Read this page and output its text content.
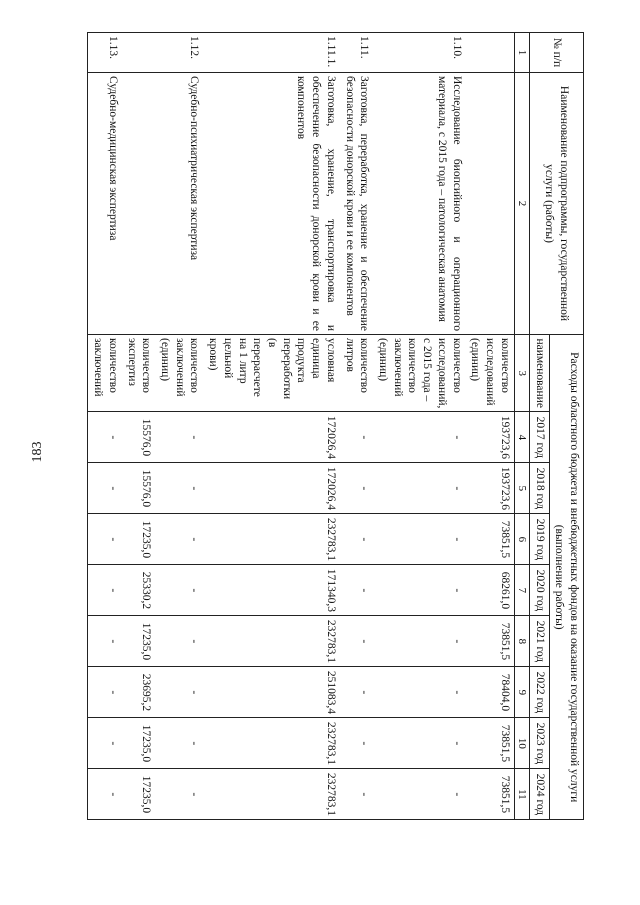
183
№ п/п	Наименование подпрограммы, государственной услуги (работы)	Расходы областного бюджета и внебюджетных фондов на оказание государственной услуги (выполнение работы)								
		наименование	2017 год	2018 год	2019 год	2020 год	2021 год	2022 год	2023 год	2024 год
1	2	3	4	5	6	7	8	9	10	11
		количество исследований (единиц)	193723,6	193723,6	73851,5	68261,0	73851,5	78404,0	73851,5	73851,5
1.10.	Исследование биопсийного и операционного материала, с 2015 года – патологическая анатомия	количество исследований, с 2015 года – количество заключений (единиц)	-	-	-	-	-	-	-	-
1.11.	Заготовка, переработка, хранение и обеспечение безопасности донорской крови и ее компонентов	количество литров	-	-	-	-	-	-	-	-
1.11.1.	Заготовка, хранение, транспортировка и обеспечение безопасности донорской крови и ее компонентов	условная единица продукта переработки (в перерасчете на 1 литр цельной крови)	172026,4	172026,4	232783,1	171340,3	232783,1	251083,4	232783,1	232783,1
1.12.	Судебно-психиатрическая экспертиза	количество заключений (единиц)	-	-	-	-	-	-	-	-
		количество экспертиз	15576,0	15576,0	17235,0	25330,2	17235,0	23695,2	17235,0	17235,0
1.13.	Судебно-медицинская экспертиза	количество заключений	-	-	-	-	-	-	-	-
